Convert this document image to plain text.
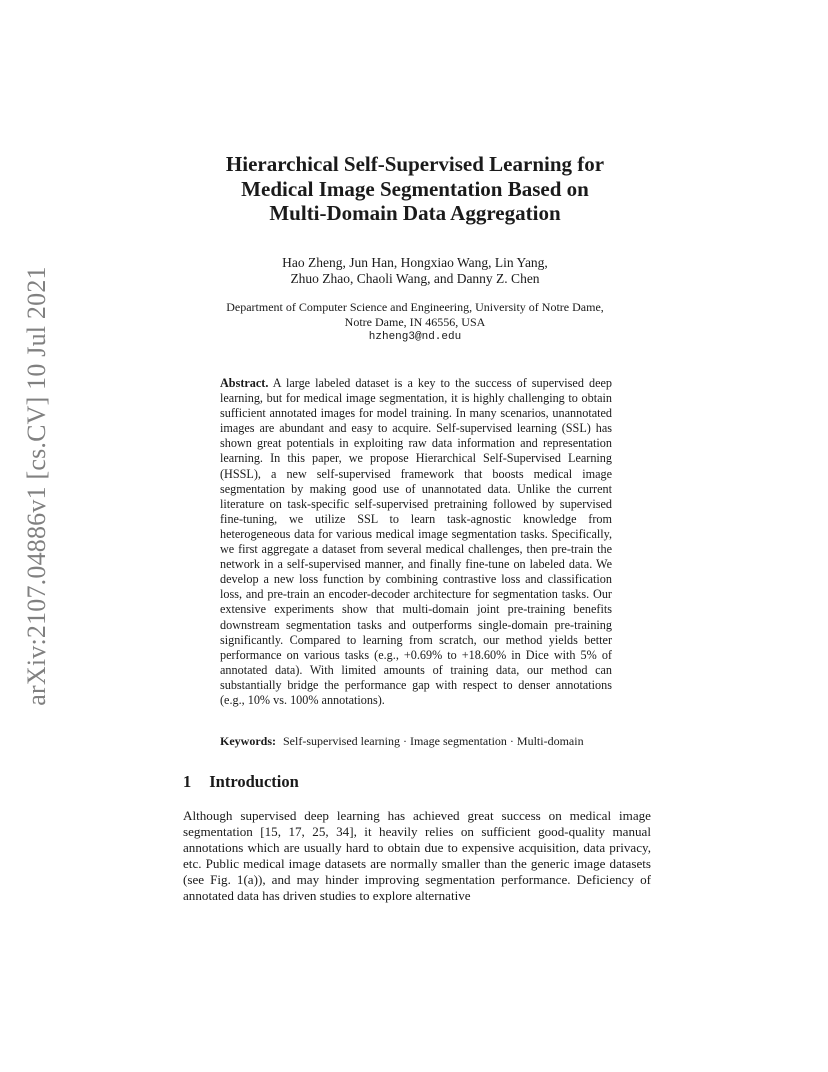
arXiv:2107.04886v1 [cs.CV] 10 Jul 2021
Hierarchical Self-Supervised Learning for
Medical Image Segmentation Based on
Multi-Domain Data Aggregation
Hao Zheng, Jun Han, Hongxiao Wang, Lin Yang,
Zhuo Zhao, Chaoli Wang, and Danny Z. Chen
Department of Computer Science and Engineering, University of Notre Dame,
Notre Dame, IN 46556, USA
hzheng3@nd.edu

Abstract. A large labeled dataset is a key to the success of supervised deep learning, but for medical image segmentation, it is highly challenging to obtain sufficient annotated images for model training. In many scenarios, unannotated images are abundant and easy to acquire. Self-supervised learning (SSL) has shown great potentials in exploiting raw data information and representation learning. In this paper, we propose Hierarchical Self-Supervised Learning (HSSL), a new self-supervised framework that boosts medical image segmentation by making good use of unannotated data. Unlike the current literature on task-specific self-supervised pretraining followed by supervised fine-tuning, we utilize SSL to learn task-agnostic knowledge from heterogeneous data for various medical image segmentation tasks. Specifically, we first aggregate a dataset from several medical challenges, then pre-train the network in a self-supervised manner, and finally fine-tune on labeled data. We develop a new loss function by combining contrastive loss and classification loss, and pre-train an encoder-decoder architecture for segmentation tasks. Our extensive experiments show that multi-domain joint pre-training benefits downstream segmentation tasks and outperforms single-domain pre-training significantly. Compared to learning from scratch, our method yields better performance on various tasks (e.g., +0.69% to +18.60% in Dice with 5% of annotated data). With limited amounts of training data, our method can substantially bridge the performance gap with respect to denser annotations (e.g., 10% vs. 100% annotations).

Keywords: Self-supervised learning · Image segmentation · Multi-domain
1 Introduction

Although supervised deep learning has achieved great success on medical image segmentation [15, 17, 25, 34], it heavily relies on sufficient good-quality manual annotations which are usually hard to obtain due to expensive acquisition, data privacy, etc. Public medical image datasets are normally smaller than the generic image datasets (see Fig. 1(a)), and may hinder improving segmentation performance. Deficiency of annotated data has driven studies to explore alternative
